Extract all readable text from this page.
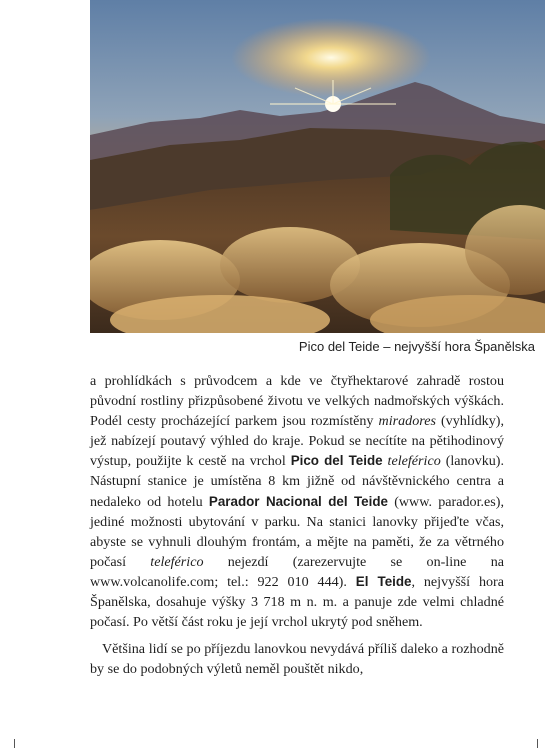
Pico del Teide – nejvyšší hora Španělska

a prohlídkách s průvodcem a kde ve čtyřhektarové zahradě rostou původní rostliny přizpůsobené životu ve velkých nadmořských výškách. Podél cesty procházející parkem jsou rozmístěny miradores (vyhlídky), jež nabízejí poutavý výhled do kraje. Pokud se necítíte na pětihodinový výstup, použijte k cestě na vrchol Pico del Teide teleférico (lanovku). Nástupní stanice je umístěna 8 km jižně od návštěvnického centra a nedaleko od hotelu Parador Nacional del Teide (www. parador.es), jediné možnosti ubytování v parku. Na stanici lanovky přijeďte včas, abyste se vyhnuli dlouhým frontám, a mějte na paměti, že za větrného počasí teleférico nejezdí (zarezervujte se on-line na www.volcanolife.com; tel.: 922 010 444). El Teide, nejvyšší hora Španělska, dosahuje výšky 3 718 m n. m. a panuje zde velmi chladné počasí. Po větší část roku je její vrchol ukrytý pod sněhem.

Většina lidí se po příjezdu lanovkou nevydává příliš daleko a rozhodně by se do podobných výletů neměl pouštět nikdo,
